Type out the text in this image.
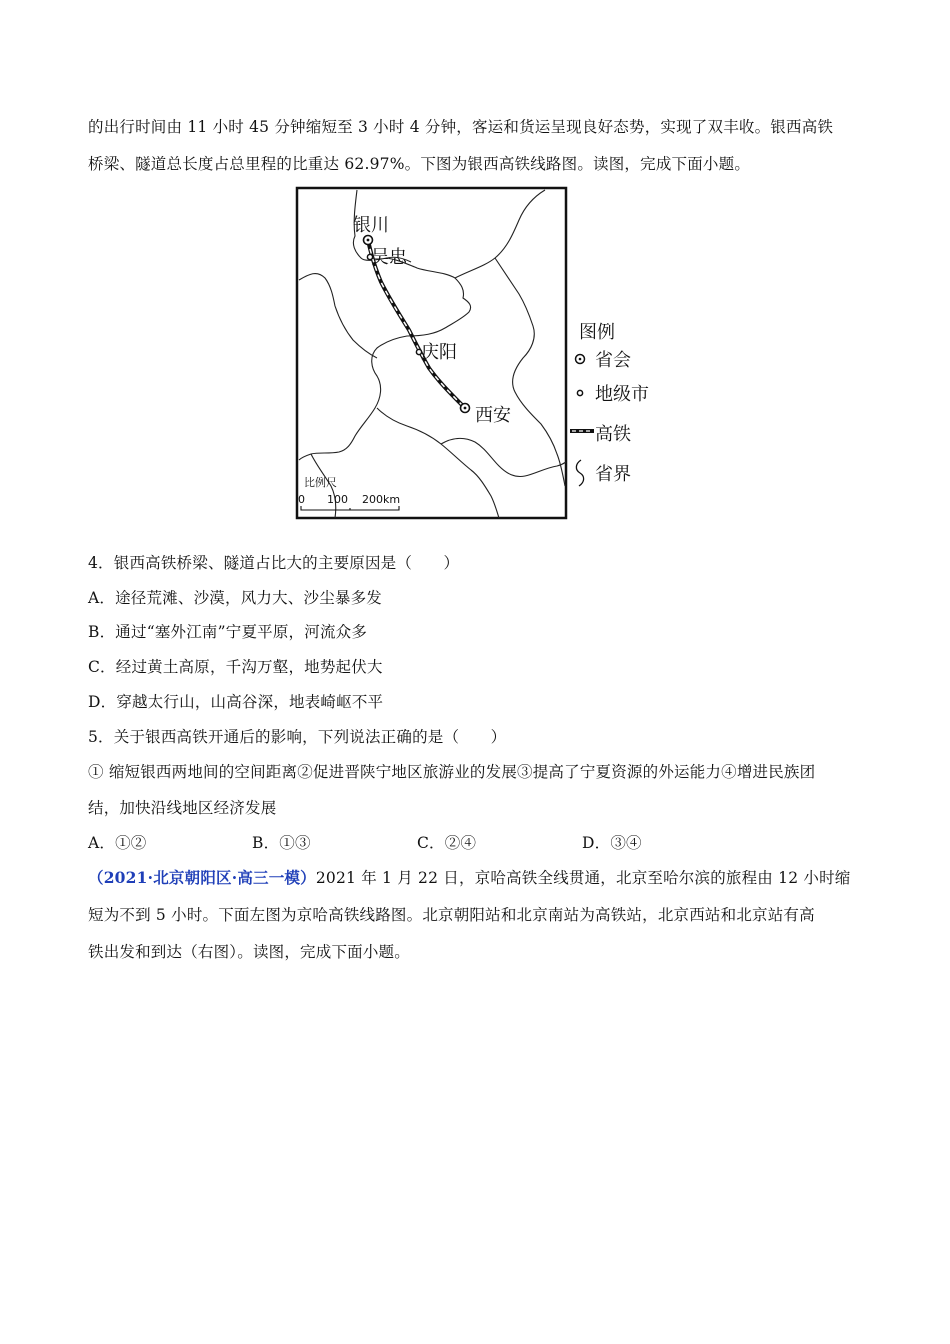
的出行时间由 11 小时 45 分钟缩短至 3 小时 4 分钟，客运和货运呈现良好态势，实现了双丰收。银西高铁
桥梁、隧道总长度占总里程的比重达 62.97%。下图为银西高铁线路图。读图，完成下面小题。
银川
吴忠
庆阳
西安
比例尺
0 100 200km
图例
省会
地级市
高铁
省界
4．银西高铁桥梁、隧道占比大的主要原因是（　　）
A．途径荒滩、沙漠，风力大、沙尘暴多发
B．通过“塞外江南”宁夏平原，河流众多
C．经过黄土高原，千沟万壑，地势起伏大
D．穿越太行山，山高谷深，地表崎岖不平
5．关于银西高铁开通后的影响，下列说法正确的是（　　）
① 缩短银西两地间的空间距离②促进晋陕宁地区旅游业的发展③提高了宁夏资源的外运能力④增进民族团
结，加快沿线地区经济发展
A．①②	B．①③	C．②④	D．③④
（2021·北京朝阳区·高三一模）2021 年 1 月 22 日，京哈高铁全线贯通，北京至哈尔滨的旅程由 12 小时缩
短为不到 5 小时。下面左图为京哈高铁线路图。北京朝阳站和北京南站为高铁站，北京西站和北京站有高
铁出发和到达（右图）。读图，完成下面小题。
